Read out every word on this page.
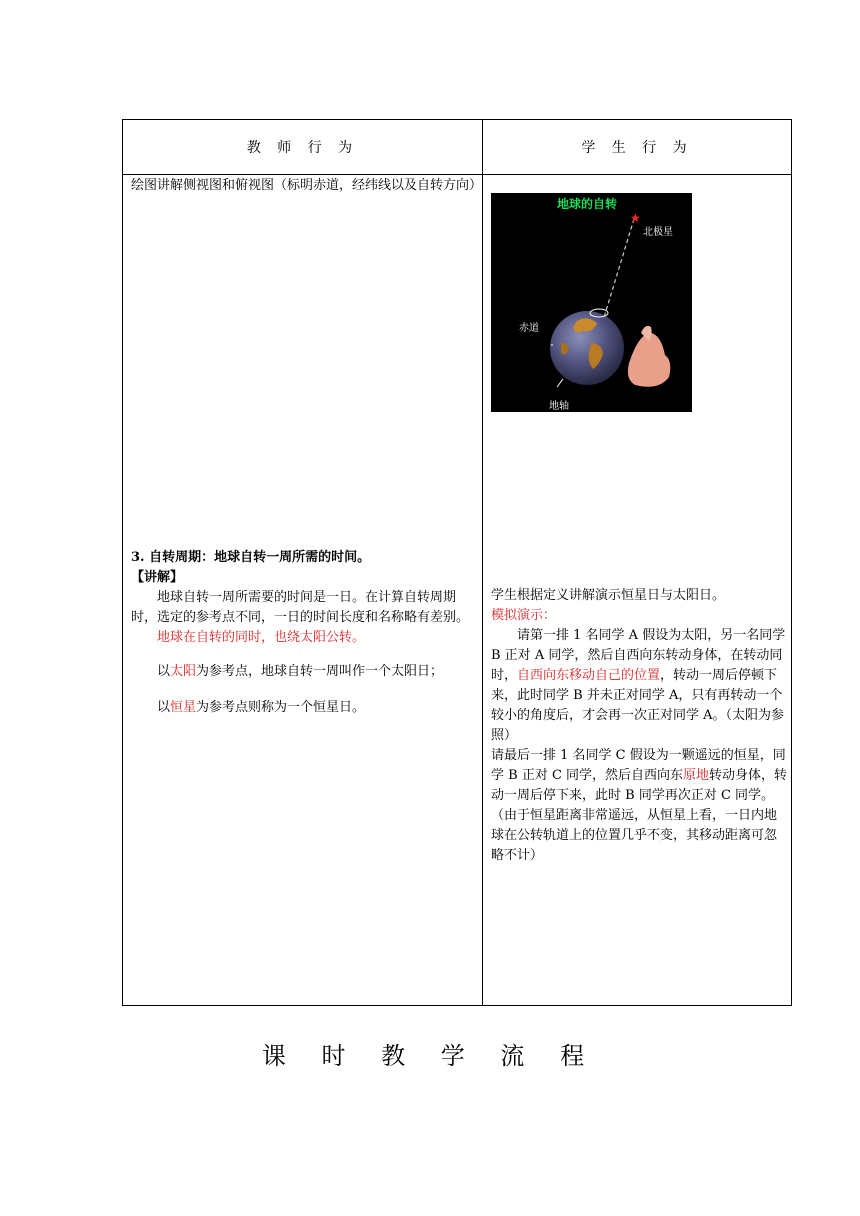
教 师 行 为	学 生 行 为
绘图讲解侧视图和俯视图（标明赤道，经纬线以及自转方向）
3. 自转周期：地球自转一周所需的时间。
【讲解】
地球自转一周所需要的时间是一日。在计算自转周期时，选定的参考点不同，一日的时间长度和名称略有差别。
地球在自转的同时，也绕太阳公转。
以太阳为参考点，地球自转一周叫作一个太阳日；
以恒星为参考点则称为一个恒星日。
地球的自转
★
北极星
赤道
地轴
学生根据定义讲解演示恒星日与太阳日。
模拟演示：
请第一排 1 名同学 A 假设为太阳，另一名同学 B 正对 A 同学，然后自西向东转动身体，在转动同时，自西向东移动自己的位置，转动一周后停顿下来，此时同学 B 并未正对同学 A，只有再转动一个较小的角度后，才会再一次正对同学 A。（太阳为参照）
请最后一排 1 名同学 C 假设为一颗遥远的恒星，同学 B 正对 C 同学，然后自西向东原地转动身体，转动一周后停下来，此时 B 同学再次正对 C 同学。（由于恒星距离非常遥远，从恒星上看，一日内地球在公转轨道上的位置几乎不变，其移动距离可忽略不计）
课 时 教 学 流 程
